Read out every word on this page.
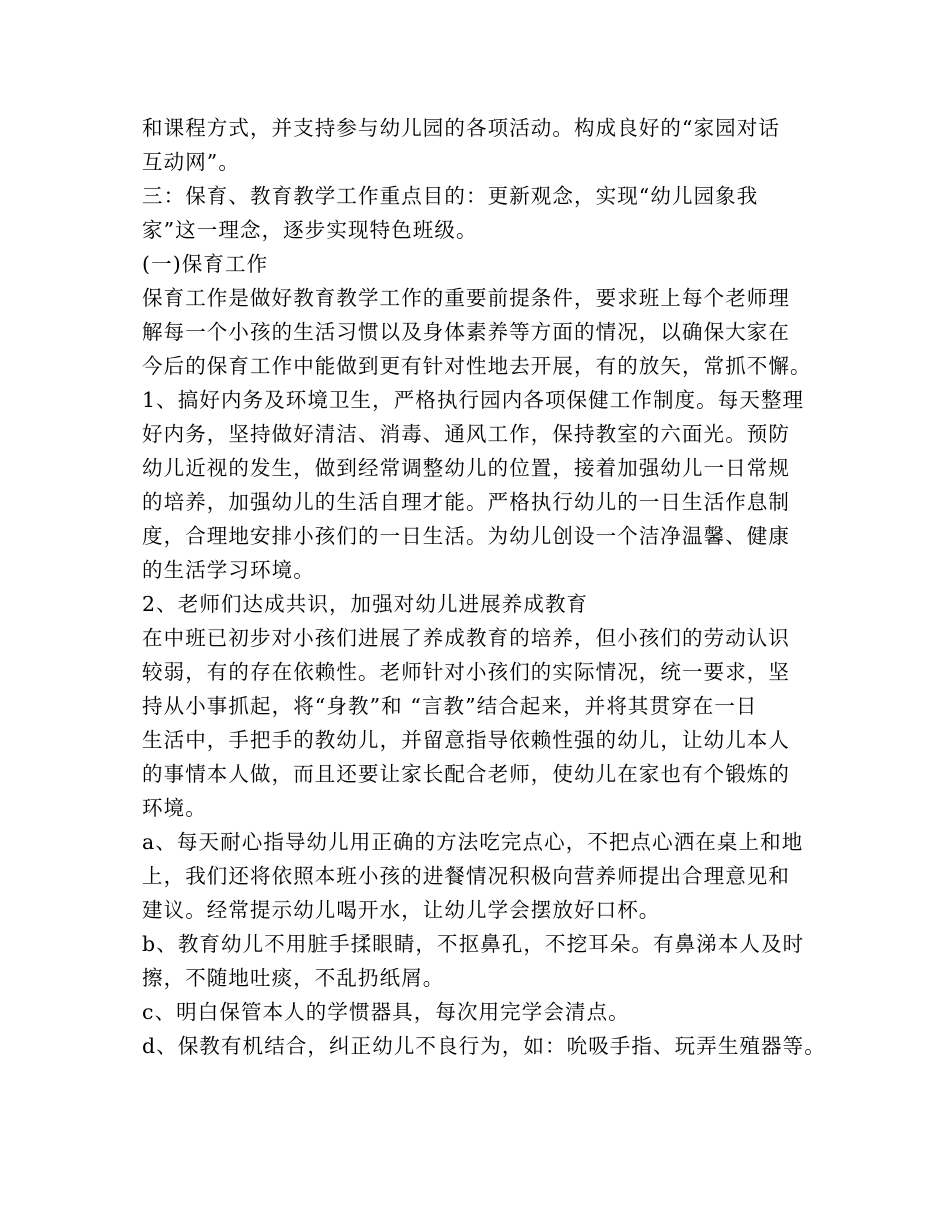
和课程方式，并支持参与幼儿园的各项活动。构成良好的“家园对话
互动网”。
三：保育、教育教学工作重点目的：更新观念，实现“幼儿园象我
家”这一理念，逐步实现特色班级。
(一)保育工作
保育工作是做好教育教学工作的重要前提条件，要求班上每个老师理
解每一个小孩的生活习惯以及身体素养等方面的情况，以确保大家在
今后的保育工作中能做到更有针对性地去开展，有的放矢，常抓不懈。
1、搞好内务及环境卫生，严格执行园内各项保健工作制度。每天整理
好内务，坚持做好清洁、消毒、通风工作，保持教室的六面光。预防
幼儿近视的发生，做到经常调整幼儿的位置，接着加强幼儿一日常规
的培养，加强幼儿的生活自理才能。严格执行幼儿的一日生活作息制
度，合理地安排小孩们的一日生活。为幼儿创设一个洁净温馨、健康
的生活学习环境。
2、老师们达成共识，加强对幼儿进展养成教育
在中班已初步对小孩们进展了养成教育的培养，但小孩们的劳动认识
较弱，有的存在依赖性。老师针对小孩们的实际情况，统一要求，坚
持从小事抓起，将“身教”和 “言教”结合起来，并将其贯穿在一日
生活中，手把手的教幼儿，并留意指导依赖性强的幼儿，让幼儿本人
的事情本人做，而且还要让家长配合老师，使幼儿在家也有个锻炼的
环境。
a、每天耐心指导幼儿用正确的方法吃完点心，不把点心洒在桌上和地
上，我们还将依照本班小孩的进餐情况积极向营养师提出合理意见和
建议。经常提示幼儿喝开水，让幼儿学会摆放好口杯。
b、教育幼儿不用脏手揉眼睛，不抠鼻孔，不挖耳朵。有鼻涕本人及时
擦，不随地吐痰，不乱扔纸屑。
c、明白保管本人的学惯器具，每次用完学会清点。
d、保教有机结合，纠正幼儿不良行为，如：吮吸手指、玩弄生殖器等。
